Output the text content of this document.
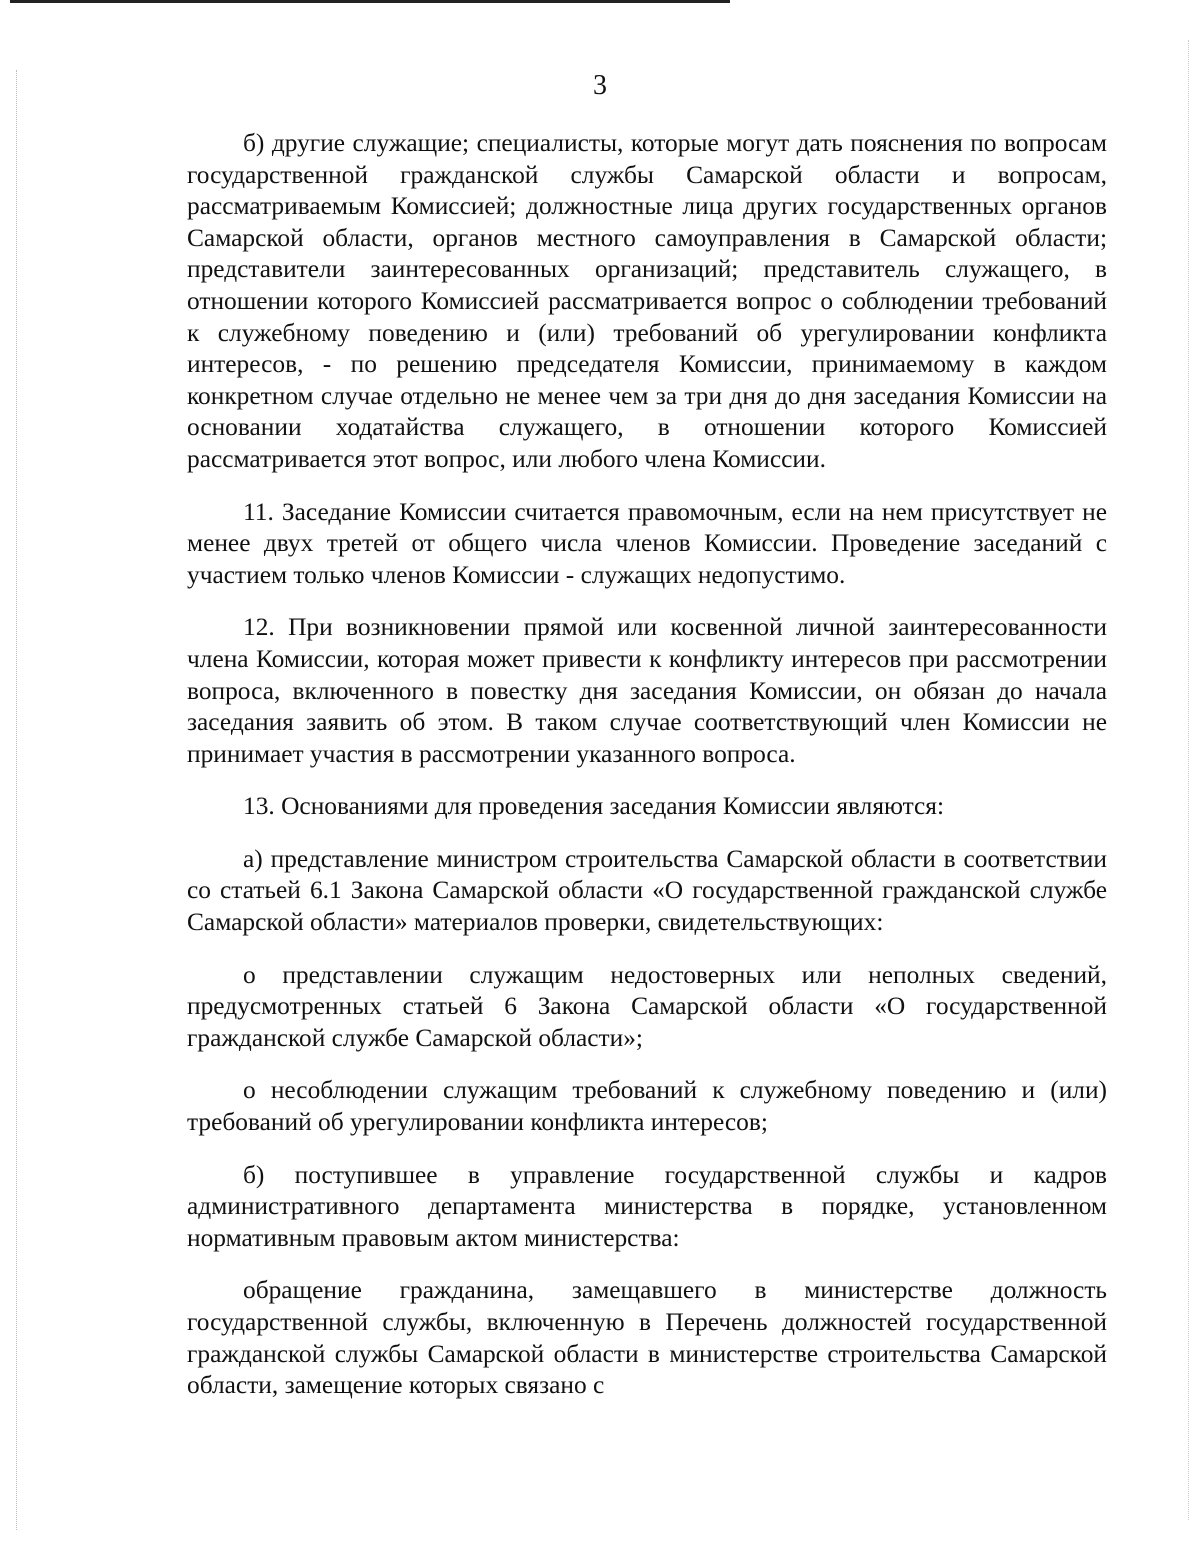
3

б) другие служащие; специалисты, которые могут дать пояснения по вопросам государственной гражданской службы Самарской области и вопросам, рассматриваемым Комиссией; должностные лица других государственных органов Самарской области, органов местного самоуправления в Самарской области; представители заинтересованных организаций; представитель служащего, в отношении которого Комиссией рассматривается вопрос о соблюдении требований к служебному поведению и (или) требований об урегулировании конфликта интересов, - по решению председателя Комиссии, принимаемому в каждом конкретном случае отдельно не менее чем за три дня до дня заседания Комиссии на основании ходатайства служащего, в отношении которого Комиссией рассматривается этот вопрос, или любого члена Комиссии.

11. Заседание Комиссии считается правомочным, если на нем присутствует не менее двух третей от общего числа членов Комиссии. Проведение заседаний с участием только членов Комиссии - служащих недопустимо.

12. При возникновении прямой или косвенной личной заинтересованности члена Комиссии, которая может привести к конфликту интересов при рассмотрении вопроса, включенного в повестку дня заседания Комиссии, он обязан до начала заседания заявить об этом. В таком случае соответствующий член Комиссии не принимает участия в рассмотрении указанного вопроса.

13. Основаниями для проведения заседания Комиссии являются:

а) представление министром строительства Самарской области в соответствии со статьей 6.1 Закона Самарской области «О государственной гражданской службе Самарской области» материалов проверки, свидетельствующих:

о представлении служащим недостоверных или неполных сведений, предусмотренных статьей 6 Закона Самарской области «О государственной гражданской службе Самарской области»;

о несоблюдении служащим требований к служебному поведению и (или) требований об урегулировании конфликта интересов;

б) поступившее в управление государственной службы и кадров административного департамента министерства в порядке, установленном нормативным правовым актом министерства:

обращение гражданина, замещавшего в министерстве должность государственной службы, включенную в Перечень должностей государственной гражданской службы Самарской области в министерстве строительства Самарской области, замещение которых связано с
